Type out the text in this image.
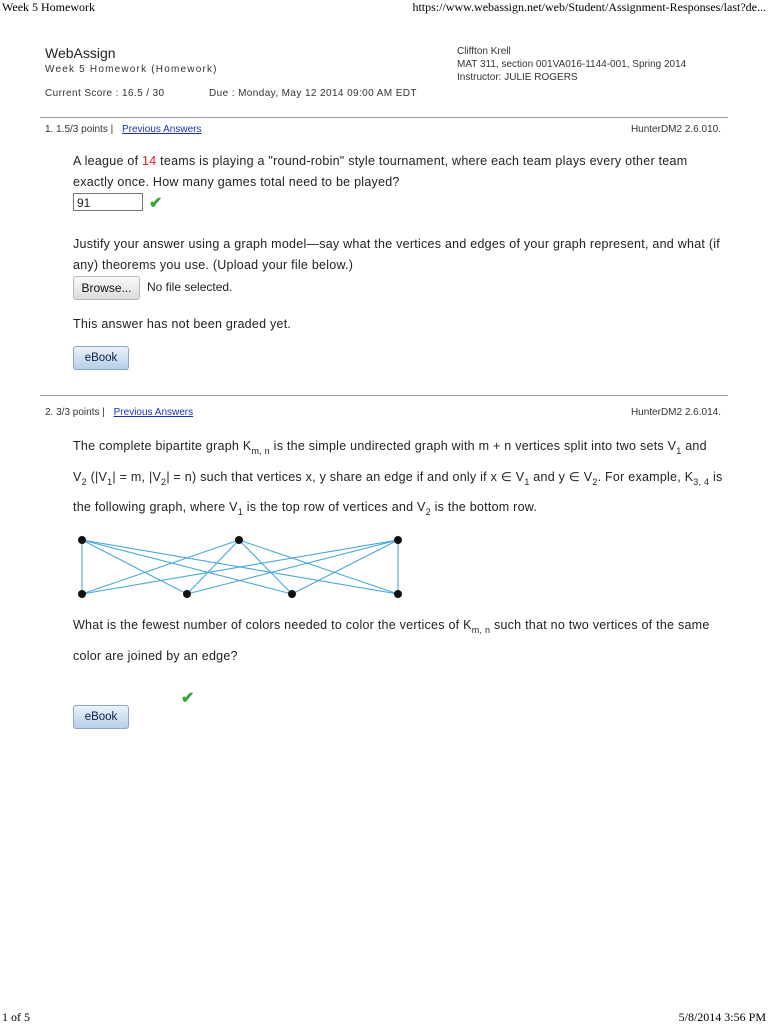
Week 5 Homework	https://www.webassign.net/web/Student/Assignment-Responses/last?de...
WebAssign
Week 5 Homework (Homework)
Current Score : 16.5 / 30	Due : Monday, May 12 2014 09:00 AM EDT
Cliffton Krell
MAT 311, section 001VA016-1144-001, Spring 2014
Instructor: JULIE ROGERS
1. 1.5/3 points | Previous Answers	HunterDM2 2.6.010.
A league of 14 teams is playing a "round-robin" style tournament, where each team plays every other team exactly once. How many games total need to be played?
91	✔
Justify your answer using a graph model—say what the vertices and edges of your graph represent, and what (if any) theorems you use. (Upload your file below.)
Browse...	No file selected.
This answer has not been graded yet.
eBook
2. 3/3 points | Previous Answers	HunterDM2 2.6.014.
The complete bipartite graph $K_{m, n}$ is the simple undirected graph with m + n vertices split into two sets $V_1$ and $V_2$ ($|V_1| = m$, $|V_2| = n$) such that vertices x, y share an edge if and only if x ∈ $V_1$ and y ∈ $V_2$. For example, $K_{3, 4}$ is the following graph, where $V_1$ is the top row of vertices and $V_2$ is the bottom row.
What is the fewest number of colors needed to color the vertices of $K_{m, n}$ such that no two vertices of the same color are joined by an edge?
✔
eBook
1 of 5	5/8/2014 3:56 PM
